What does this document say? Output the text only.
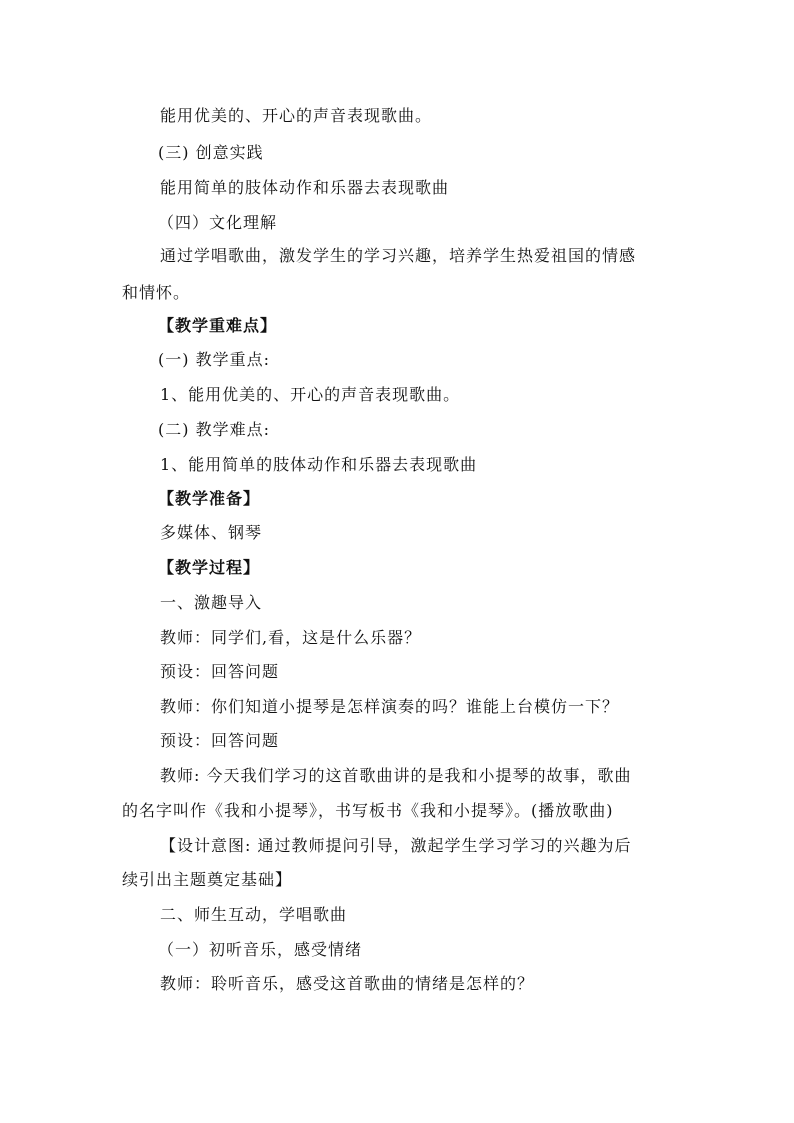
能用优美的、开心的声音表现歌曲。
(三) 创意实践
能用简单的肢体动作和乐器去表现歌曲
（四）文化理解
通过学唱歌曲，激发学生的学习兴趣，培养学生热爱祖国的情感
和情怀。
【教学重难点】
(一) 教学重点:
1、能用优美的、开心的声音表现歌曲。
(二) 教学难点:
1、能用简单的肢体动作和乐器去表现歌曲
【教学准备】
多媒体、钢琴
【教学过程】
一、激趣导入
教师：同学们,看，这是什么乐器？
预设：回答问题
教师：你们知道小提琴是怎样演奏的吗？谁能上台模仿一下？
预设：回答问题
教师: 今天我们学习的这首歌曲讲的是我和小提琴的故事，歌曲
的名字叫作《我和小提琴》，书写板书《我和小提琴》。(播放歌曲)
【设计意图: 通过教师提问引导，激起学生学习学习的兴趣为后
续引出主题奠定基础】
二、师生互动，学唱歌曲
（一）初听音乐，感受情绪
教师：聆听音乐，感受这首歌曲的情绪是怎样的？
